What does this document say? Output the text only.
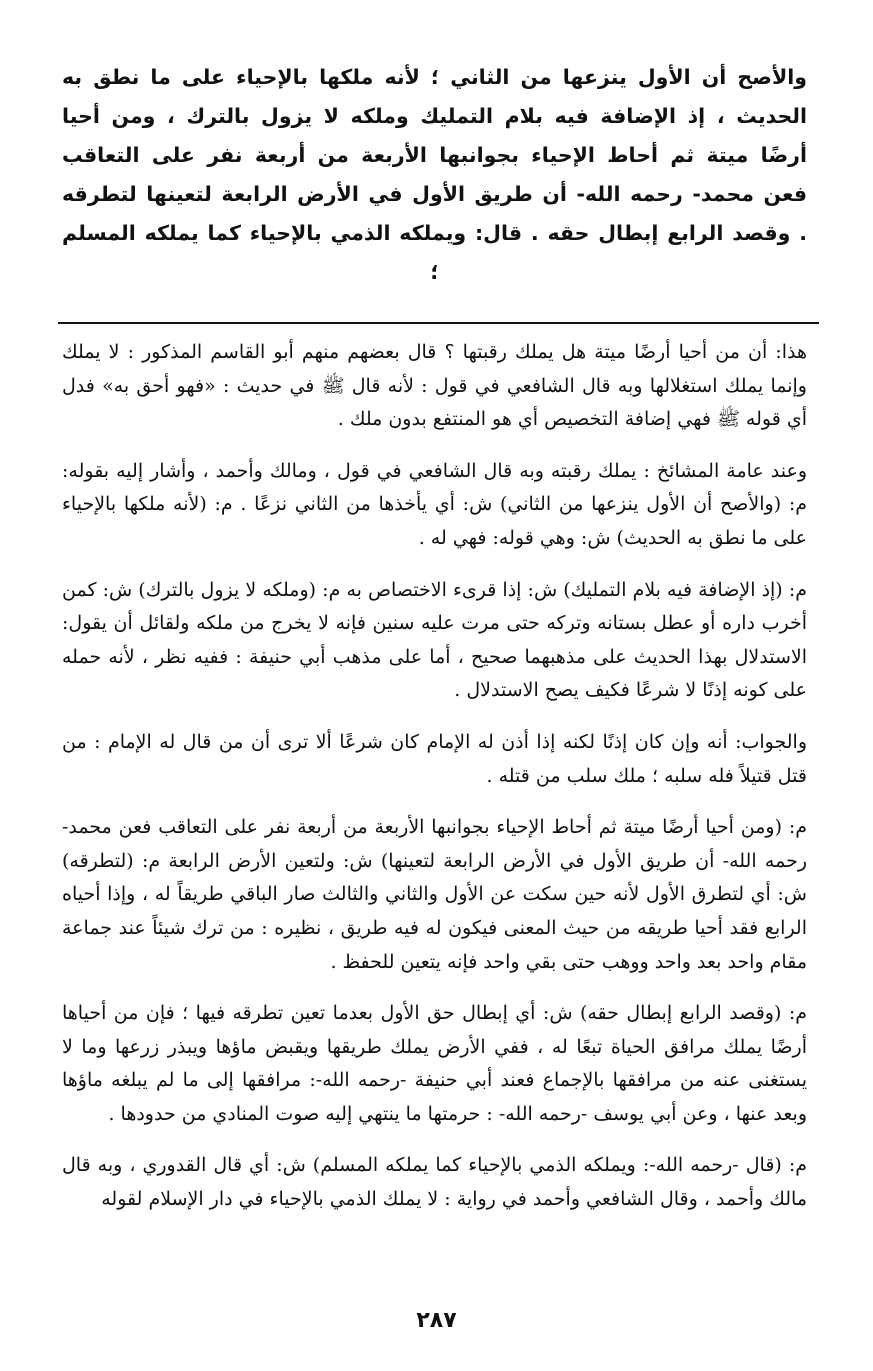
والأصح أن الأول ينزعها من الثاني ؛ لأنه ملكها بالإحياء على ما نطق به الحديث ، إذ الإضافة فيه بلام التمليك وملكه لا يزول بالترك ، ومن أحيا أرضًا ميتة ثم أحاط الإحياء بجوانبها الأربعة من أربعة نفر على التعاقب فعن محمد- رحمه الله- أن طريق الأول في الأرض الرابعة لتعينها لتطرقه . وقصد الرابع إبطال حقه . قال: ويملكه الذمي بالإحياء كما يملكه المسلم ؛

هذا: أن من أحيا أرضًا ميتة هل يملك رقبتها ؟ قال بعضهم منهم أبو القاسم المذكور : لا يملك وإنما يملك استغلالها وبه قال الشافعي في قول : لأنه قال ﷺ في حديث : «فهو أحق به» فدل أي قوله ﷺ فهي إضافة التخصيص أي هو المنتفع بدون ملك .

وعند عامة المشائخ : يملك رقبته وبه قال الشافعي في قول ، ومالك وأحمد ، وأشار إليه بقوله: م: (والأصح أن الأول ينزعها من الثاني) ش: أي يأخذها من الثاني نزعًا . م: (لأنه ملكها بالإحياء على ما نطق به الحديث) ش: وهي قوله: فهي له .

م: (إذ الإضافة فيه بلام التمليك) ش: إذا قرىء الاختصاص به م: (وملكه لا يزول بالترك) ش: كمن أخرب داره أو عطل بستانه وتركه حتى مرت عليه سنين فإنه لا يخرج من ملكه ولقائل أن يقول: الاستدلال بهذا الحديث على مذهبهما صحيح ، أما على مذهب أبي حنيفة : ففيه نظر ، لأنه حمله على كونه إذنًا لا شرعًا فكيف يصح الاستدلال .

والجواب: أنه وإن كان إذنًا لكنه إذا أذن له الإمام كان شرعًا ألا ترى أن من قال له الإمام : من قتل قتيلاً فله سلبه ؛ ملك سلب من قتله .

م: (ومن أحيا أرضًا ميتة ثم أحاط الإحياء بجوانبها الأربعة من أربعة نفر على التعاقب فعن محمد- رحمه الله- أن طريق الأول في الأرض الرابعة لتعينها) ش: ولتعين الأرض الرابعة م: (لتطرقه) ش: أي لتطرق الأول لأنه حين سكت عن الأول والثاني والثالث صار الباقي طريقاً له ، وإذا أحياه الرابع فقد أحيا طريقه من حيث المعنى فيكون له فيه طريق ، نظيره : من ترك شيئاً عند جماعة مقام واحد بعد واحد ووهب حتى بقي واحد فإنه يتعين للحفظ .

م: (وقصد الرابع إبطال حقه) ش: أي إبطال حق الأول بعدما تعين تطرقه فيها ؛ فإن من أحياها أرضًا يملك مرافق الحياة تبعًا له ، ففي الأرض يملك طريقها ويقبض ماؤها ويبذر زرعها وما لا يستغنى عنه من مرافقها بالإجماع فعند أبي حنيفة -رحمه الله-: مرافقها إلى ما لم يبلغه ماؤها وبعد عنها ، وعن أبي يوسف -رحمه الله- : حرمتها ما ينتهي إليه صوت المنادي من حدودها .

م: (قال -رحمه الله-: ويملكه الذمي بالإحياء كما يملكه المسلم) ش: أي قال القدوري ، وبه قال مالك وأحمد ، وقال الشافعي وأحمد في رواية : لا يملك الذمي بالإحياء في دار الإسلام لقوله

٢٨٧
